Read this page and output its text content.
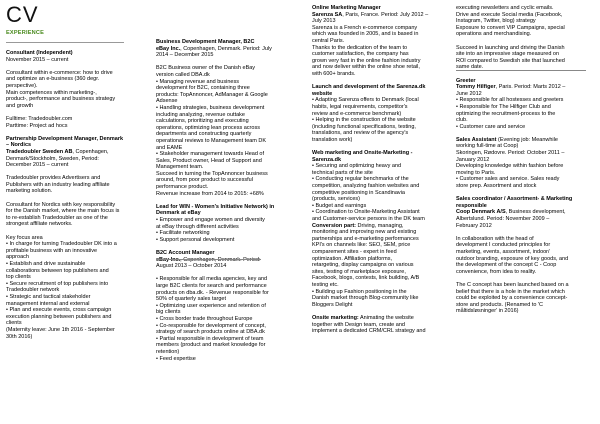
CV
EXPERIENCE

Consultant (Independent)

November 2015 – current

Consultant within e-commerce: how to drive

and optimize an e-business (360 degr.

perspective).

Main competences within marketing-,

product-, performance and business strategy

and growth

Fulltime: Tradedoubler.com

Parttime: Project ad hocs

Partnership Development Manager, Denmark

– Nordics

Tradedoubler Sweden AB, Copenhagen,

Denmark/Stockholm, Sweden, Period:

December 2015 – current

Tradedoubler provides Advertisers and

Publishers with an industry leading affiliate

marketing solution.

Consultant for Nordics with key responsibility

for the Danish market, where the main focus is

to re-establish Tradedoubler as one of the

strongest affiliate networks.

Key focus area

• In charge for turning Tradedoubler DK into a

profitable business with an innovative

approach

• Establish and drive sustainable

collaborations between top publishers and

top clients

• Secure recruitment of top publishers into

Tradedoubler network

• Strategic and tactical stakeholder

management internal and external

• Plan and execute events, cross campaign

execution planning between publishers and

clients

(Maternity leave: June 1th 2016 - September

30th 2016)

Business Development Manager, B2C

eBay Inc., Copenhagen, Denmark. Period: July

2014 – December 2015

B2C Business owner of the Danish eBay

version called DBA.dk

• Managing revenue and business

development for B2C, containing three

products: TopAnnoncer, AdManager & Google

Adsense

• Handling strategies, business development

including analyzing, revenue outtake

calculations, prioritizing and executing

operations, optimizing lean process across

departments and constructing quarterly

operational reviews to Management team DK

and EAME

• Stakeholder management towards Head of

Sales, Product owner, Head of Support and

Management team.

Succeed in turning the TopAnnoncer business

around, from poor product to successful

performance product.

Revenue increase from 2014 to 2015: +68%

Lead for WIN - Women's Initiative Network) in

Denmark at eBay

• Empower and engage women and diversity

at eBay through different activities

• Facilitate networking

• Support personal development

B2C Account Manager

August 2013 – October 2014

• Responsible for all media agencies, key and

large B2C clients for search and performance

products on dba.dk. - Revenue responsible for

50% of quarterly sales target

• Optimizing user experience and retention of

big clients

• Cross border trade throughout Europe

• Co-responsible for development of concept,

strategy of search products online at DBA.dk

• Partial responsible in development of team

members (product and market knowledge for

retention)

• Feed expertise

Online Marketing Manager

Sarenza SA, Paris, France. Period: July 2012 –

July 2013

Sarenza is a French e-commerce company

which was founded in 2005, and is based in

central Paris.

Thanks to the dedication of the team to

customer satisfaction, the company has

grown very fast in the online fashion industry

and now deliver within the online shoe retail,

with 600+ brands.

Launch and development of the Sarenza.dk

website

• Adapting Sarenza offers to Denmark (local

habits, legal requirements, competitor's

review and e-commerce benchmark)

• Helping in the construction of the website

(including functional specifications, testing,

translations, and review of the agency's

translation work)

Web marketing and Onsite-Marketing -

Sarenza.dk

• Securing and optimizing heavy and

technical parts of the site

• Conducting regular benchmarks of the

competition, analyzing fashion websites and

competitive positioning in Scandinavia

(products, services)

• Budget and earnings

• Coordination to Onsite-Marketing Assistant

and Customer-service persons in the DK team

Conversion part: Driving, managing,

monitoring and improving new and existing

partnerships and e-marketing performances

KPI's on channels like: SEO, SEM, price

comparement sites - expert in feed

optimization. Affiliation platforms,

retargeting, display campaigns on various

sites, testing of marketplace exposure,

Facebook, blogs, contests, link building, A/B

testing etc.

• Building up Fashion positioning in the

Danish market through Blog-community like

Bloggers Delight

Onsite marketing: Animating the website

together with Design team, create and

implement a dedicated CRM/CRL strategy and

executing newsletters and cyclic emails.

Drive and execute Social media (Facebook,

Instagram, Twitter, blog) strategy

Exposure to convert VIP Campaigns, special

operations and merchandising.

Succeed in launching and driving the Danish

site into an impressive stage measured on

ROI compared to Swedish site that launched

same date.

Greeter

Tommy Hilfiger, Paris. Period: Marts 2012 –

June 2012

• Responsible for all hostesses and greeters

• Responsible for The Hilfiger Club and

optimizing the recruitment-process to the

club.

• Customer care and service

Sales Assistant (Evening job: Meanwhile

working full-time at Coop)

Skoringen, Rødovre. Period: October 2011 –

January 2012

Developing knowledge within fashion before

moving to Paris.

• Customer sales and service. Sales ready

store prep. Assortment and stock

Sales coordinator / Assortment- & Marketing

responsible

Coop Denmark A/S, Business development,

Albertslund. Period: November 2009 –

February 2012

In collaboration with the head of

development I conducted principles for

marketing, events, assortment, indoor/

outdoor branding, exposure of key goods, and

the development of the concept C - Coop

convenience, from idea to reality.

The C concept has been launched based on a

belief that there is a hole in the market which

could be exploited by a convenience concept-

store and products. (Renamed to 'C

måltidsløsninger' in 2016)
